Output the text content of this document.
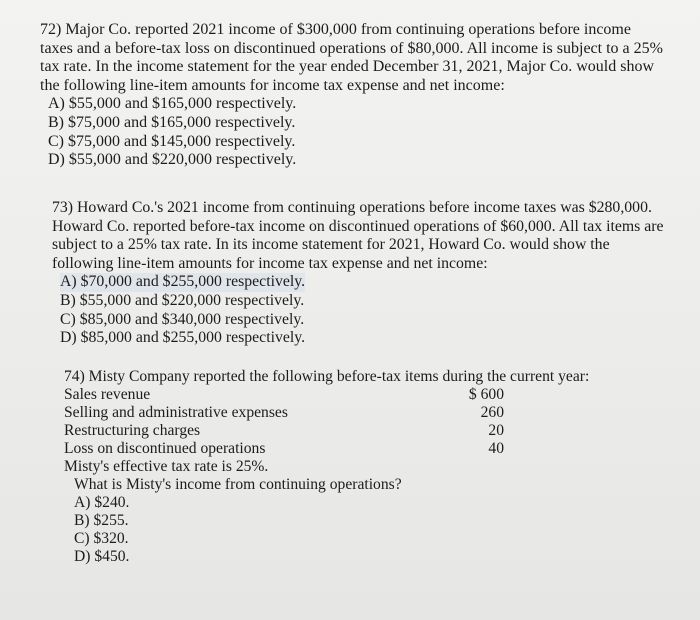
72) Major Co. reported 2021 income of $300,000 from continuing operations before income

taxes and a before-tax loss on discontinued operations of $80,000. All income is subject to a 25%

tax rate. In the income statement for the year ended December 31, 2021, Major Co. would show

the following line-item amounts for income tax expense and net income:

A) $55,000 and $165,000 respectively.

B) $75,000 and $165,000 respectively.

C) $75,000 and $145,000 respectively.

D) $55,000 and $220,000 respectively.

73) Howard Co.'s 2021 income from continuing operations before income taxes was $280,000.

Howard Co. reported before-tax income on discontinued operations of $60,000. All tax items are

subject to a 25% tax rate. In its income statement for 2021, Howard Co. would show the

following line-item amounts for income tax expense and net income:

A) $70,000 and $255,000 respectively.

B) $55,000 and $220,000 respectively.

C) $85,000 and $340,000 respectively.

D) $85,000 and $255,000 respectively.

74) Misty Company reported the following before-tax items during the current year:

Sales revenue	$ 600
Selling and administrative expenses	260
Restructuring charges	20
Loss on discontinued operations	40

Misty's effective tax rate is 25%.

What is Misty's income from continuing operations?

A) $240.

B) $255.

C) $320.

D) $450.
